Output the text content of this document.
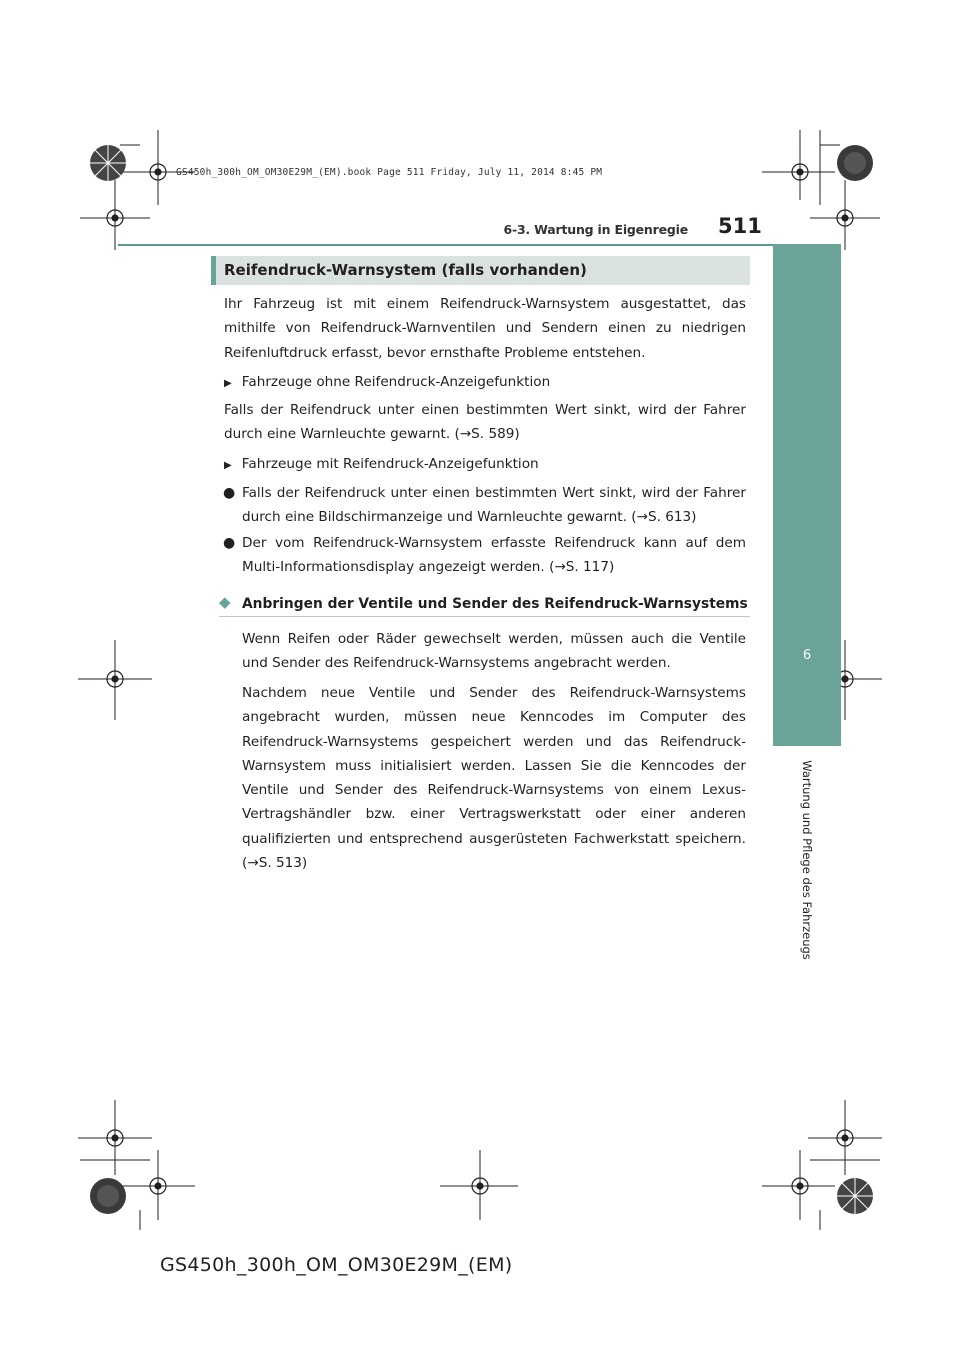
GS450h_300h_OM_OM30E29M_(EM).book Page 511 Friday, July 11, 2014 8:45 PM
6-3. Wartung in Eigenregie 511
6
Wartung und Pflege des Fahrzeugs
Reifendruck-Warnsystem (falls vorhanden)
Ihr Fahrzeug ist mit einem Reifendruck-Warnsystem ausgestattet, das mithilfe von Reifendruck-Warnventilen und Sendern einen zu niedrigen Reifenluftdruck erfasst, bevor ernsthafte Probleme entstehen.
▶ Fahrzeuge ohne Reifendruck-Anzeigefunktion
Falls der Reifendruck unter einen bestimmten Wert sinkt, wird der Fahrer durch eine Warnleuchte gewarnt. (→S. 589)
▶ Fahrzeuge mit Reifendruck-Anzeigefunktion
● Falls der Reifendruck unter einen bestimmten Wert sinkt, wird der Fahrer durch eine Bildschirmanzeige und Warnleuchte gewarnt. (→S. 613)
● Der vom Reifendruck-Warnsystem erfasste Reifendruck kann auf dem Multi-Informationsdisplay angezeigt werden. (→S. 117)
◆ Anbringen der Ventile und Sender des Reifendruck-Warnsystems
Wenn Reifen oder Räder gewechselt werden, müssen auch die Ventile und Sender des Reifendruck-Warnsystems angebracht werden.
Nachdem neue Ventile und Sender des Reifendruck-Warnsystems angebracht wurden, müssen neue Kenncodes im Computer des Reifendruck-Warnsystems gespeichert werden und das Reifendruck-Warnsystem muss initialisiert werden. Lassen Sie die Kenncodes der Ventile und Sender des Reifendruck-Warnsystems von einem Lexus-Vertragshändler bzw. einer Vertragswerkstatt oder einer anderen qualifizierten und entsprechend ausgerüsteten Fachwerkstatt speichern. (→S. 513)
GS450h_300h_OM_OM30E29M_(EM)
